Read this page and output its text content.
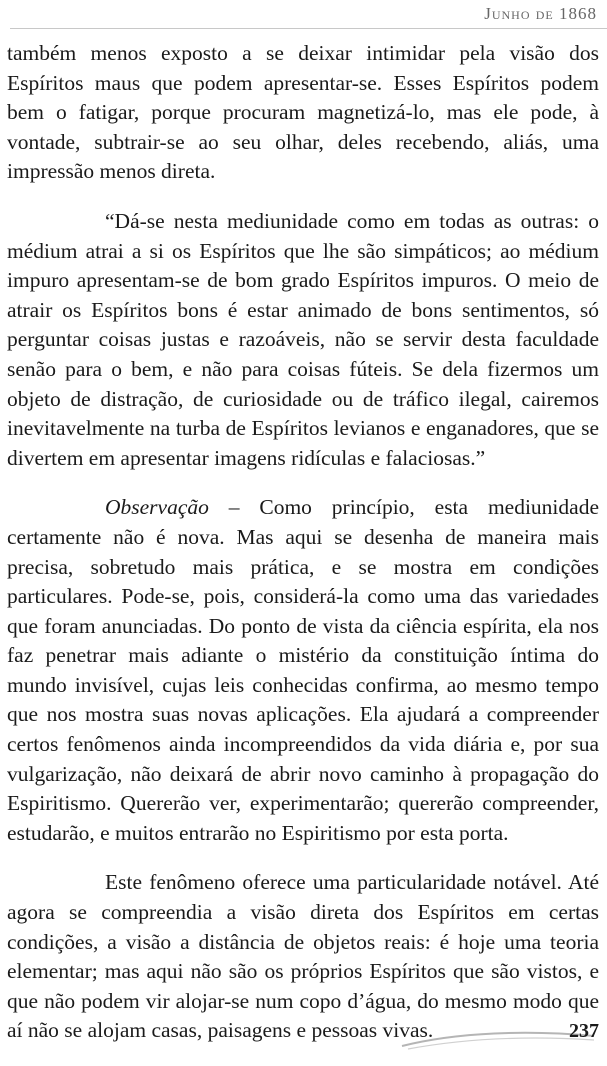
Junho de 1868

também menos exposto a se deixar intimidar pela visão dos Espíritos maus que podem apresentar-se. Esses Espíritos podem bem o fatigar, porque procuram magnetizá-lo, mas ele pode, à vontade, subtrair-se ao seu olhar, deles recebendo, aliás, uma impressão menos direta.

“Dá-se nesta mediunidade como em todas as outras: o médium atrai a si os Espíritos que lhe são simpáticos; ao médium impuro apresentam-se de bom grado Espíritos impuros. O meio de atrair os Espíritos bons é estar animado de bons sentimentos, só perguntar coisas justas e razoáveis, não se servir desta faculdade senão para o bem, e não para coisas fúteis. Se dela fizermos um objeto de distração, de curiosidade ou de tráfico ilegal, cairemos inevitavelmente na turba de Espíritos levianos e enganadores, que se divertem em apresentar imagens ridículas e falaciosas.”

Observação – Como princípio, esta mediunidade certamente não é nova. Mas aqui se desenha de maneira mais precisa, sobretudo mais prática, e se mostra em condições particulares. Pode-se, pois, considerá-la como uma das variedades que foram anunciadas. Do ponto de vista da ciência espírita, ela nos faz penetrar mais adiante o mistério da constituição íntima do mundo invisível, cujas leis conhecidas confirma, ao mesmo tempo que nos mostra suas novas aplicações. Ela ajudará a compreender certos fenômenos ainda incompreendidos da vida diária e, por sua vulgarização, não deixará de abrir novo caminho à propagação do Espiritismo. Quererão ver, experimentarão; quererão compreender, estudarão, e muitos entrarão no Espiritismo por esta porta.

Este fenômeno oferece uma particularidade notável. Até agora se compreendia a visão direta dos Espíritos em certas condições, a visão a distância de objetos reais: é hoje uma teoria elementar; mas aqui não são os próprios Espíritos que são vistos, e que não podem vir alojar-se num copo d’água, do mesmo modo que aí não se alojam casas, paisagens e pessoas vivas.	237
